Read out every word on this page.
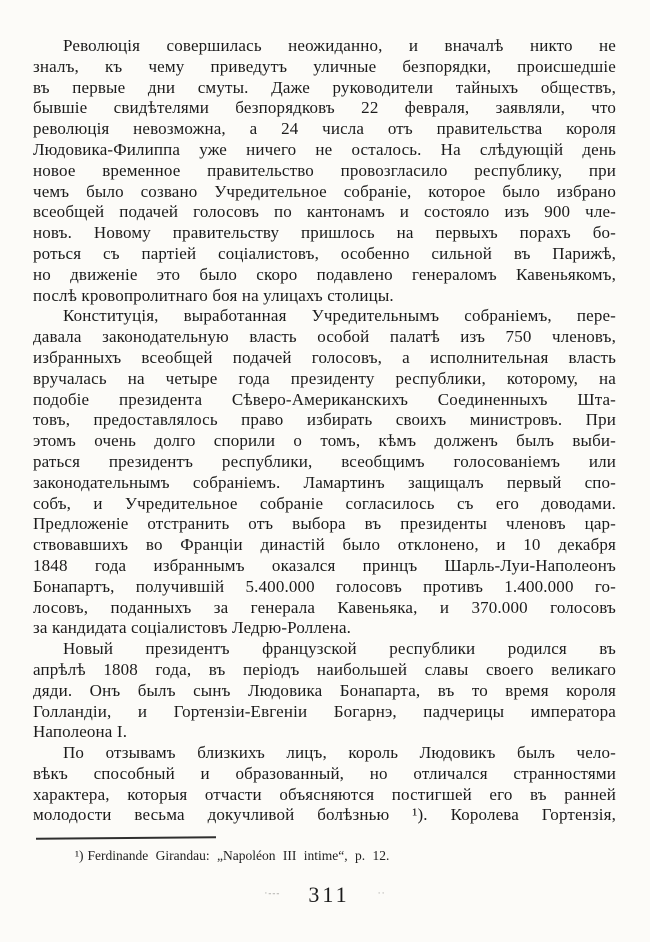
Революція совершилась неожиданно, и вначалѣ никто не
зналъ, къ чему приведутъ уличные безпорядки, происшедшіе
въ первые дни смуты. Даже руководители тайныхъ обществъ,
бывшіе свидѣтелями безпорядковъ 22 февраля, заявляли, что
революція невозможна, а 24 числа отъ правительства короля
Людовика-Филиппа уже ничего не осталось. На слѣдующій день
новое временное правительство провозгласило республику, при
чемъ было созвано Учредительное собраніе, которое было избрано
всеобщей подачей голосовъ по кантонамъ и состояло изъ 900 чле-
новъ. Новому правительству пришлось на первыхъ порахъ бо-
роться съ партіей соціалистовъ, особенно сильной въ Парижѣ,
но движеніе это было скоро подавлено генераломъ Кавеньякомъ,
послѣ кровопролитнаго боя на улицахъ столицы.
Конституція, выработанная Учредительнымъ собраніемъ, пере-
давала законодательную власть особой палатѣ изъ 750 членовъ,
избранныхъ всеобщей подачей голосовъ, а исполнительная власть
вручалась на четыре года президенту республики, которому, на
подобіе президента Сѣверо-Американскихъ Соединенныхъ Шта-
товъ, предоставлялось право избирать своихъ министровъ. При
этомъ очень долго спорили о томъ, кѣмъ долженъ былъ выби-
раться президентъ республики, всеобщимъ голосованіемъ или
законодательнымъ собраніемъ. Ламартинъ защищалъ первый спо-
собъ, и Учредительное собраніе согласилось съ его доводами.
Предложеніе отстранить отъ выбора въ президенты членовъ цар-
ствовавшихъ во Франціи династій было отклонено, и 10 декабря
1848 года избраннымъ оказался принцъ Шарль-Луи-Наполеонъ
Бонапартъ, получившій 5.400.000 голосовъ противъ 1.400.000 го-
лосовъ, поданныхъ за генерала Кавеньяка, и 370.000 голосовъ
за кандидата соціалистовъ Ледрю-Роллена.
Новый президентъ французской республики родился въ
апрѣлѣ 1808 года, въ періодъ наибольшей славы своего великаго
дяди. Онъ былъ сынъ Людовика Бонапарта, въ то время короля
Голландіи, и Гортензіи-Евгеніи Богарнэ, падчерицы императора
Наполеона I.
По отзывамъ близкихъ лицъ, король Людовикъ былъ чело-
вѣкъ способный и образованный, но отличался странностями
характера, которыя отчасти объясняются постигшей его въ ранней
молодости весьма докучливой болѣзнью ¹). Королева Гортензія,
¹) Ferdinande Girandau: „Napoléon III intime“, p. 12.
·--- 311	··
